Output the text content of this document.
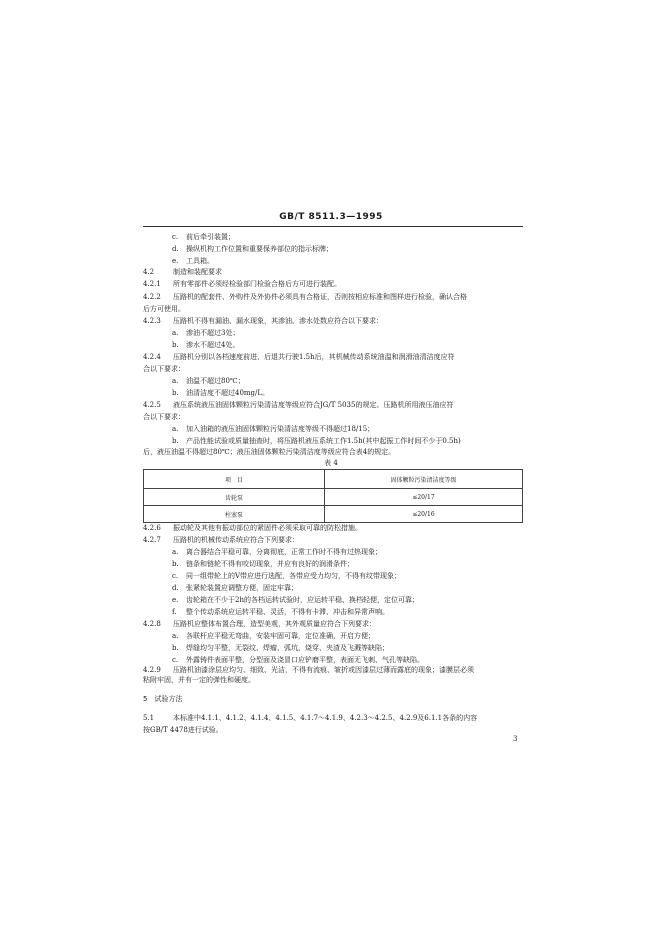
GB/T 8511.3—1995
c. 前后牵引装置；
d. 操纵机构工作位置和重要保养部位的指示标牌；
e. 工具箱。
4.2	制造和装配要求
4.2.1 所有零部件必须经检验部门检验合格后方可进行装配。
4.2.2 压路机的配套件、外购件及外协件必须具有合格证，否则按相应标准和图样进行检验，确认合格
后方可使用。
4.2.3 压路机不得有漏油、漏水现象，其渗油、渗水处数应符合以下要求：
a. 渗油不超过3处；
b. 渗水不超过4处。
4.2.4 压路机分别以各档速度前进、后退共行驶1.5h后，其机械传动系统油温和润滑油清洁度应符
合以下要求：
a. 油温不超过80℃；
b. 油清洁度不超过40mg/L。
4.2.5 液压系统液压油固体颗粒污染清洁度等级应符合JG/T 5035的规定。压路机所用液压油应符
合以下要求：
a. 加入油箱的液压油固体颗粒污染清洁度等级不得超过18/15；
b. 产品性能试验或质量抽查时，将压路机液压系统工作1.5h(其中起振工作时间不少于0.5h)
后，液压油温不得超过80℃；液压油固体颗粒污染清洁度等级应符合表4的规定。
表 4
项　目	固体颗粒污染清洁度等级
齿轮泵	≤20/17
柱塞泵	≤20/16
4.2.6 振动轮及其他有振动部位的紧固件必须采取可靠的防松措施。
4.2.7 压路机的机械传动系统应符合下列要求：
a. 离合器结合平稳可靠，分离彻底，正常工作时不得有过热现象；
b. 链条和链轮不得有咬切现象，并应有良好的润滑条件；
c. 同一组带轮上的V带应进行选配，各带应受力均匀，不得有纹带现象；
d. 张紧轮装置应调整方便，固定牢靠；
e. 齿轮箱在不少于2h的各档运转试验时，应运转平稳、换档轻便，定位可靠；
f. 整个传动系统应运转平稳、灵活，不得有卡滞、冲击和异常声响。
4.2.8 压路机应整体布置合理，造型美观，其外观质量应符合下列要求：
a. 各联杆应平稳无弯曲，安装牢固可靠，定位准确，开启方便；
b. 焊缝均匀平整，无裂纹、焊瘤、弧坑、烧穿、夹渣及飞溅等缺陷；
c. 外露铸件表面平整，分型面及浇冒口应铲磨平整，表面无飞刺、气孔等缺陷。
4.2.9 压路机油漆涂层应均匀、细致、光洁，不得有流痕、皱折或因漆层过薄而露底的现象；漆膜层必须
粘附牢固，并有一定的弹性和硬度。
5　试验方法
5.1	本标准中4.1.1、4.1.2、4.1.4、4.1.5、4.1.7～4.1.9、4.2.3～4.2.5、4.2.9及6.1.1各条的内容
按GB/T 4478进行试验。
3
